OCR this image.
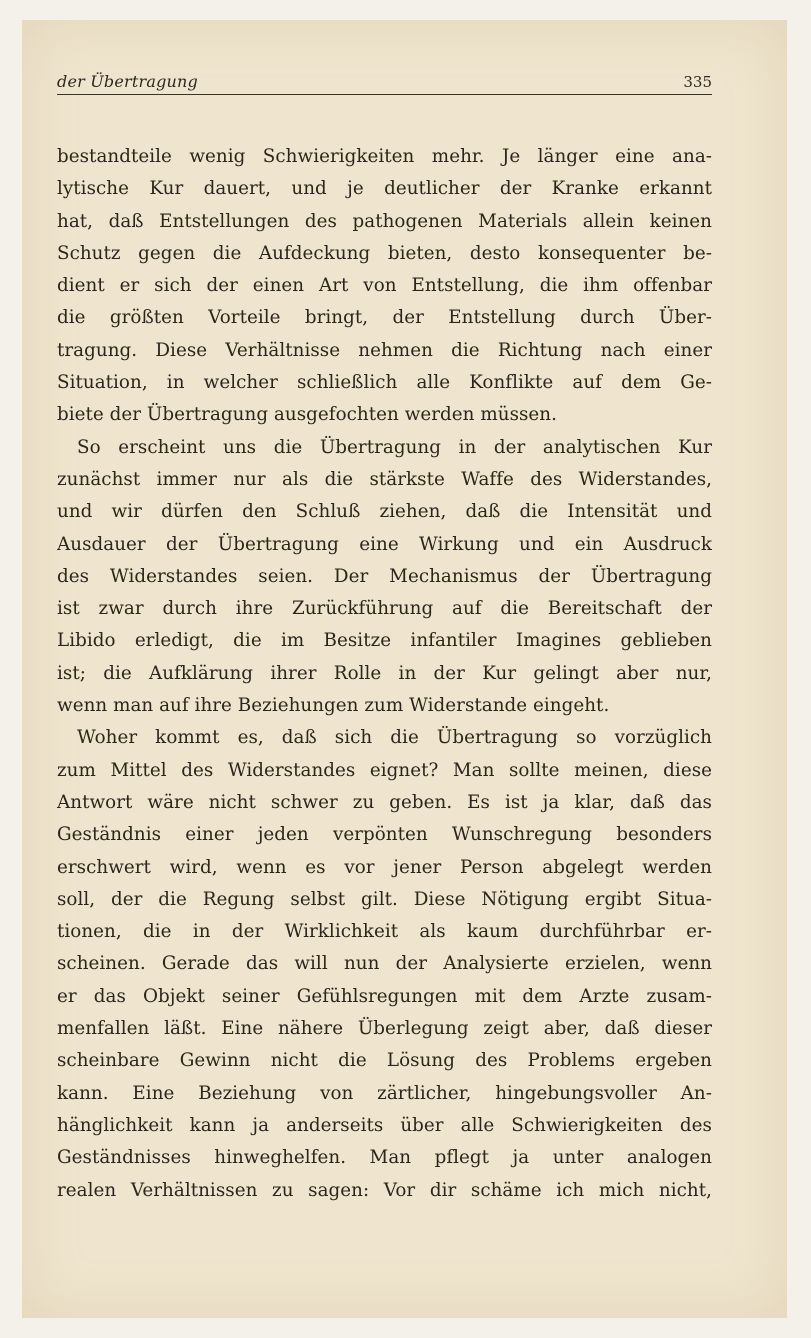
der Übertragung	335
bestandteile wenig Schwierigkeiten mehr. Je länger eine ana-
lytische Kur dauert, und je deutlicher der Kranke erkannt
hat, daß Entstellungen des pathogenen Materials allein keinen
Schutz gegen die Aufdeckung bieten, desto konsequenter be-
dient er sich der einen Art von Entstellung, die ihm offenbar
die größten Vorteile bringt, der Entstellung durch Über-
tragung. Diese Verhältnisse nehmen die Richtung nach einer
Situation, in welcher schließlich alle Konflikte auf dem Ge-
biete der Übertragung ausgefochten werden müssen.
So erscheint uns die Übertragung in der analytischen Kur
zunächst immer nur als die stärkste Waffe des Widerstandes,
und wir dürfen den Schluß ziehen, daß die Intensität und
Ausdauer der Übertragung eine Wirkung und ein Ausdruck
des Widerstandes seien. Der Mechanismus der Übertragung
ist zwar durch ihre Zurückführung auf die Bereitschaft der
Libido erledigt, die im Besitze infantiler Imagines geblieben
ist; die Aufklärung ihrer Rolle in der Kur gelingt aber nur,
wenn man auf ihre Beziehungen zum Widerstande eingeht.
Woher kommt es, daß sich die Übertragung so vorzüglich
zum Mittel des Widerstandes eignet? Man sollte meinen, diese
Antwort wäre nicht schwer zu geben. Es ist ja klar, daß das
Geständnis einer jeden verpönten Wunschregung besonders
erschwert wird, wenn es vor jener Person abgelegt werden
soll, der die Regung selbst gilt. Diese Nötigung ergibt Situa-
tionen, die in der Wirklichkeit als kaum durchführbar er-
scheinen. Gerade das will nun der Analysierte erzielen, wenn
er das Objekt seiner Gefühlsregungen mit dem Arzte zusam-
menfallen läßt. Eine nähere Überlegung zeigt aber, daß dieser
scheinbare Gewinn nicht die Lösung des Problems ergeben
kann. Eine Beziehung von zärtlicher, hingebungsvoller An-
hänglichkeit kann ja anderseits über alle Schwierigkeiten des
Geständnisses hinweghelfen. Man pflegt ja unter analogen
realen Verhältnissen zu sagen: Vor dir schäme ich mich nicht,
